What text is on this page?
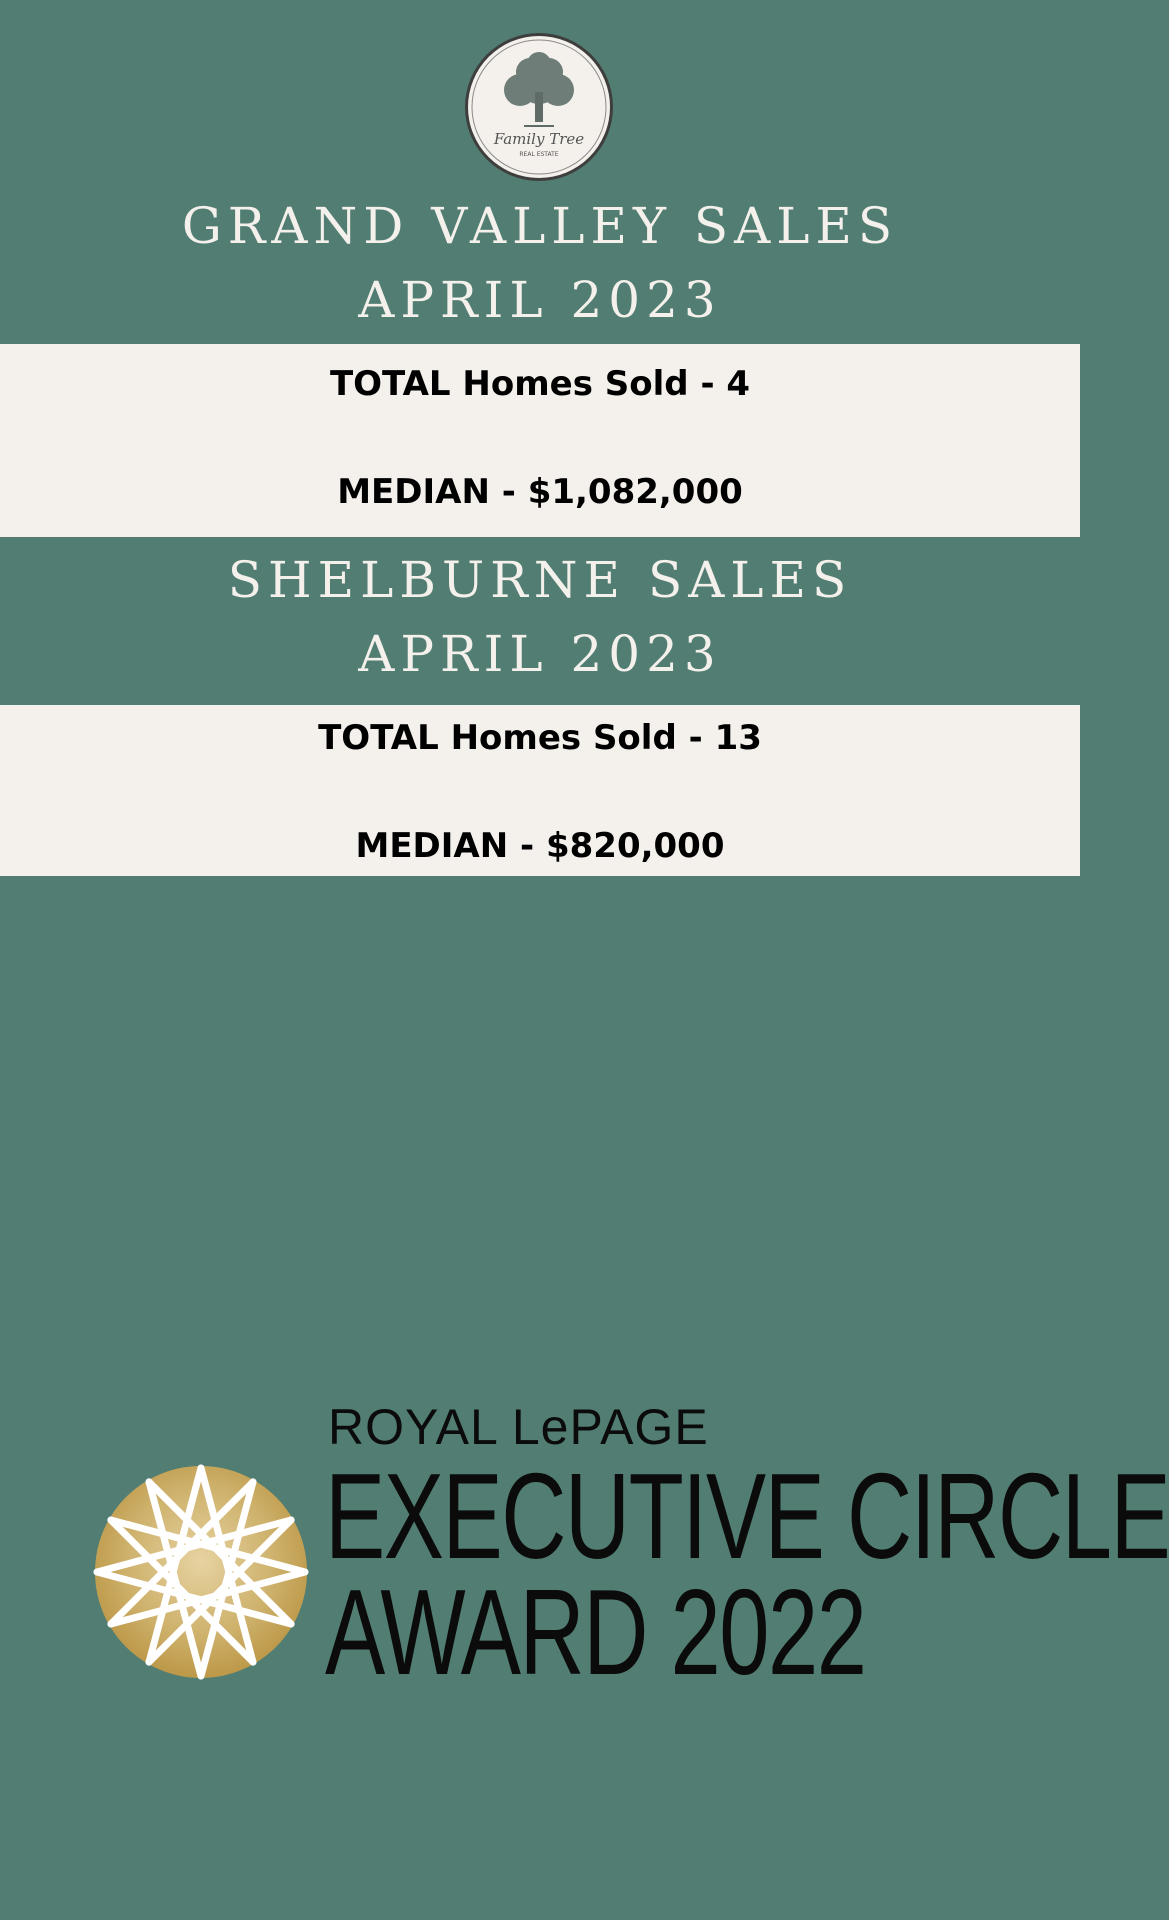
Family Tree
REAL ESTATE

GRAND VALLEY SALES

APRIL 2023

TOTAL Homes Sold - 4

MEDIAN - $1,082,000

SHELBURNE SALES

APRIL 2023

TOTAL Homes Sold - 13

MEDIAN - $820,000

ROYAL LePAGE

EXECUTIVE CIRCLE

AWARD 2022
